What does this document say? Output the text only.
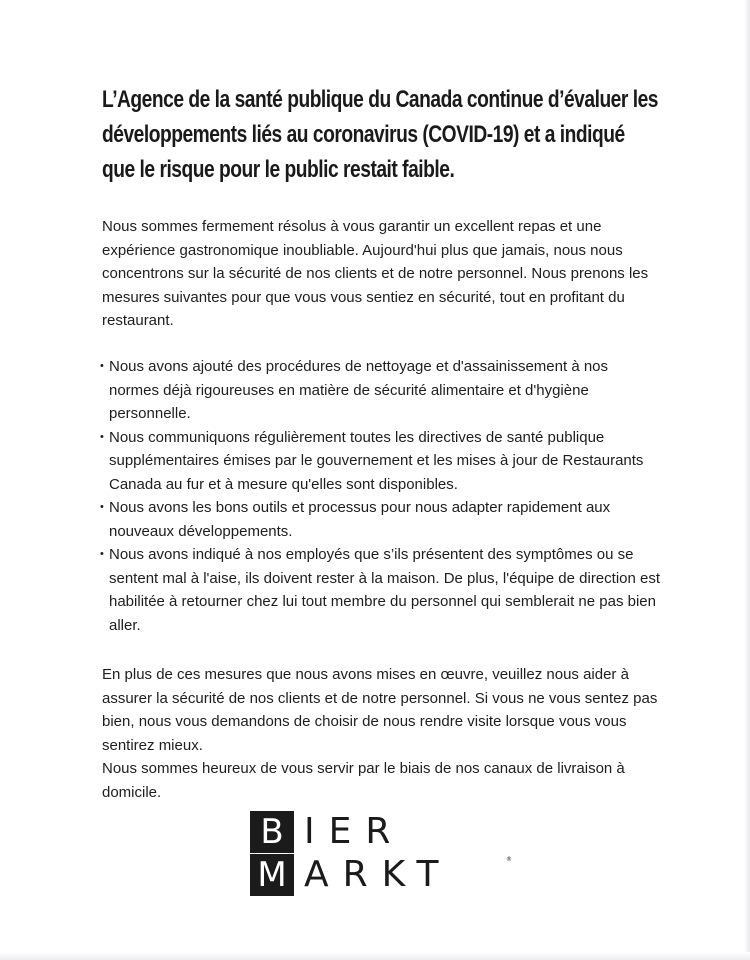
L’Agence de la santé publique du Canada continue d’évaluer les développements liés au coronavirus (COVID-19) et a indiqué que le risque pour le public restait faible.

Nous sommes fermement résolus à vous garantir un excellent repas et une expérience gastronomique inoubliable. Aujourd'hui plus que jamais, nous nous concentrons sur la sécurité de nos clients et de notre personnel. Nous prenons les mesures suivantes pour que vous vous sentiez en sécurité, tout en profitant du restaurant.

• Nous avons ajouté des procédures de nettoyage et d'assainissement à nos normes déjà rigoureuses en matière de sécurité alimentaire et d'hygiène personnelle.
• Nous communiquons régulièrement toutes les directives de santé publique supplémentaires émises par le gouvernement et les mises à jour de Restaurants Canada au fur et à mesure qu'elles sont disponibles.
• Nous avons les bons outils et processus pour nous adapter rapidement aux nouveaux développements.
• Nous avons indiqué à nos employés que s’ils présentent des symptômes ou se sentent mal à l'aise, ils doivent rester à la maison. De plus, l'équipe de direction est habilitée à retourner chez lui tout membre du personnel qui semblerait ne pas bien aller.
En plus de ces mesures que nous avons mises en œuvre, veuillez nous aider à assurer la sécurité de nos clients et de notre personnel. Si vous ne vous sentez pas bien, nous vous demandons de choisir de nous rendre visite lorsque vous vous sentirez mieux.
Nous sommes heureux de vous servir par le biais de nos canaux de livraison à domicile.
B IER
M ARKT	®
